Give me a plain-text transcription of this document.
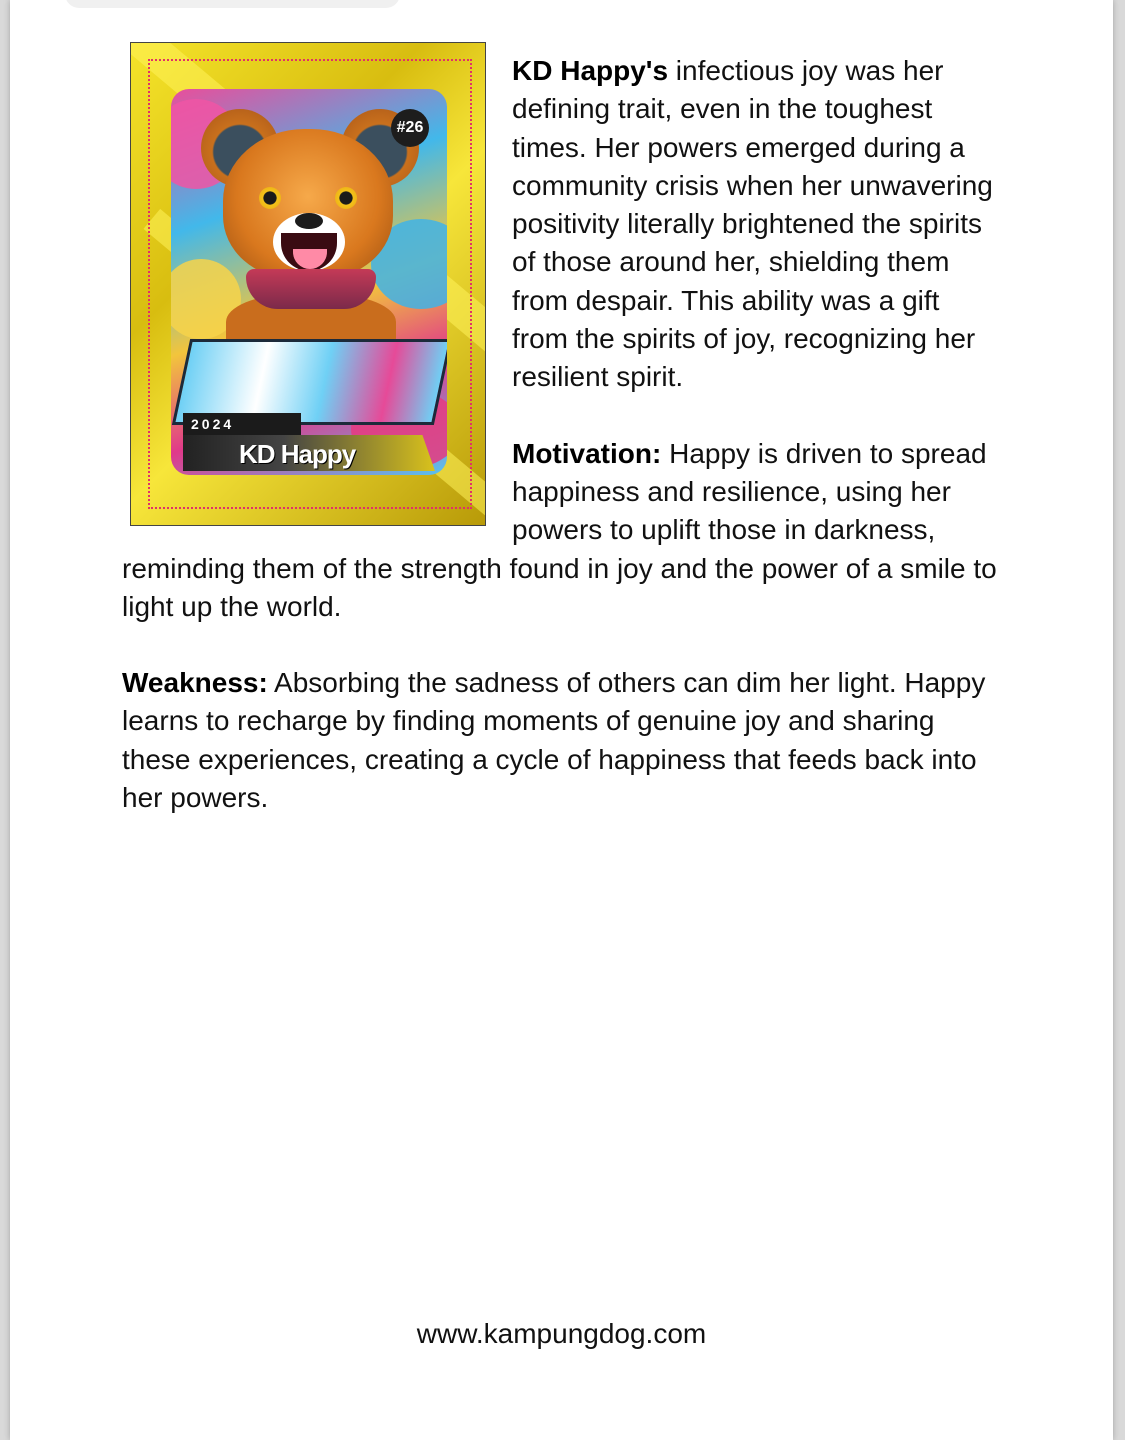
#26
2024
KD Happy

KD Happy's infectious joy was her defining trait, even in the toughest times. Her powers emerged during a community crisis when her unwavering positivity literally brightened the spirits of those around her, shielding them from despair. This ability was a gift from the spirits of joy, recognizing her resilient spirit.

Motivation: Happy is driven to spread happiness and resilience, using her powers to uplift those in darkness, reminding them of the strength found in joy and the power of a smile to light up the world.

Weakness: Absorbing the sadness of others can dim her light. Happy learns to recharge by finding moments of genuine joy and sharing these experiences, creating a cycle of happiness that feeds back into her powers.

www.kampungdog.com
